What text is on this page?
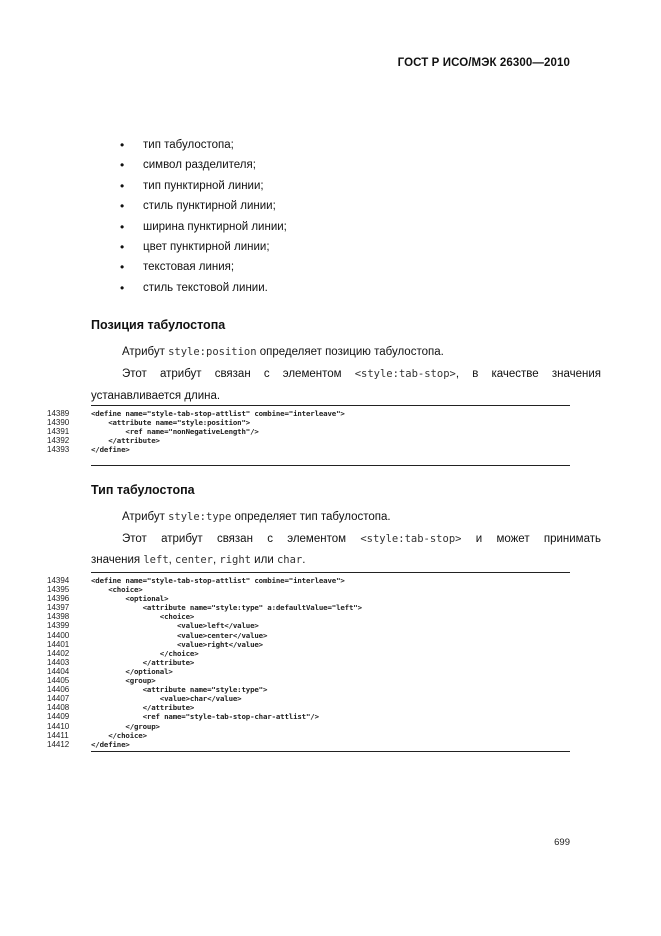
ГОСТ Р ИСО/МЭК 26300—2010
• тип табулостопа;
• символ разделителя;
• тип пунктирной линии;
• стиль пунктирной линии;
• ширина пунктирной линии;
• цвет пунктирной линии;
• текстовая линия;
• стиль текстовой линии.
Позиция табулостопа
Атрибут style:position определяет позицию табулостопа.
Этот атрибут связан с элементом <style:tab-stop>, в качестве значения
устанавливается длина.
14389	<define name="style-tab-stop-attlist" combine="interleave">
14390	<attribute name="style:position">
14391	<ref name="nonNegativeLength"/>
14392	</attribute>
14393	</define>
Тип табулостопа
Атрибут style:type определяет тип табулостопа.
Этот атрибут связан с элементом <style:tab-stop> и может принимать
значения left, center, right или char.
14394	<define name="style-tab-stop-attlist" combine="interleave">
14395	<choice>
14396	<optional>
14397	<attribute name="style:type" a:defaultValue="left">
14398	<choice>
14399	<value>left</value>
14400	<value>center</value>
14401	<value>right</value>
14402	</choice>
14403	</attribute>
14404	</optional>
14405	<group>
14406	<attribute name="style:type">
14407	<value>char</value>
14408	</attribute>
14409	<ref name="style-tab-stop-char-attlist"/>
14410	</group>
14411	</choice>
14412	</define>
699
